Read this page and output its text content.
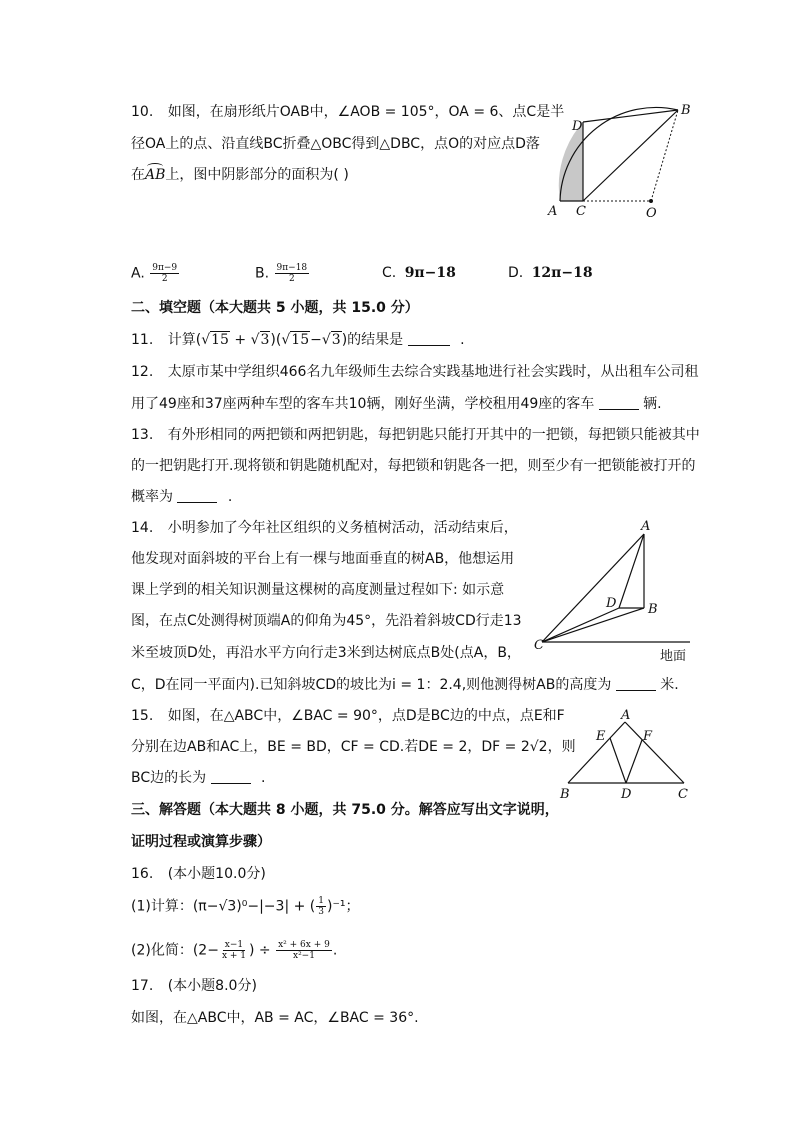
10. 如图，在扇形纸片OAB中，∠AOB = 105°，OA = 6、点C是半
径OA上的点、沿直线BC折叠△OBC得到△DBC，点O的对应点D落
在AB上，图中阴影部分的面积为( )
A C	O
D
B
A. $\frac{9\pi-9}{2}$	B. $\frac{9\pi-18}{2}$	C. 9π−18	D. 12π−18
二、填空题（本大题共 5 小题，共 15.0 分）
11. 计算(√15 + √3)(√15−√3)的结果是	.
12. 太原市某中学组织466名九年级师生去综合实践基地进行社会实践时，从出租车公司租
用了49座和37座两种车型的客车共10辆，刚好坐满，学校租用49座的客车	辆.
13. 有外形相同的两把锁和两把钥匙，每把钥匙只能打开其中的一把锁，每把锁只能被其中
的一把钥匙打开.现将锁和钥匙随机配对，每把锁和钥匙各一把，则至少有一把锁能被打开的
概率为	.
14. 小明参加了今年社区组织的义务植树活动，活动结束后，
他发现对面斜坡的平台上有一棵与地面垂直的树AB，他想运用
课上学到的相关知识测量这棵树的高度测量过程如下: 如示意
图，在点C处测得树顶端A的仰角为45°，先沿着斜坡CD行走13
米至坡顶D处，再沿水平方向行走3米到达树底点B处(点A，B，
C，D在同一平面内).已知斜坡CD的坡比为i = 1：2.4,则他测得树AB的高度为	米.
A
D B
C
地面
15. 如图，在△ABC中，∠BAC = 90°，点D是BC边的中点，点E和F
分别在边AB和AC上，BE = BD，CF = CD.若DE = 2，DF = 2√2，则
BC边的长为	.
A
E	F
B	D	C
三、解答题（本大题共 8 小题，共 75.0 分。解答应写出文字说明，
证明过程或演算步骤）
16. (本小题10.0分)
(1)计算：(π−√3)⁰−|−3| + ( $\frac{1}{3} )^{-1}$；
(2)化简：($2- \frac{x-1}{x + 1}$ ) ÷ $\frac{\text{x² + 6x + 9}}{\text{x²−1}}$ .
17. (本小题8.0分)
如图，在△ABC中，AB = AC，∠BAC = 36°.
